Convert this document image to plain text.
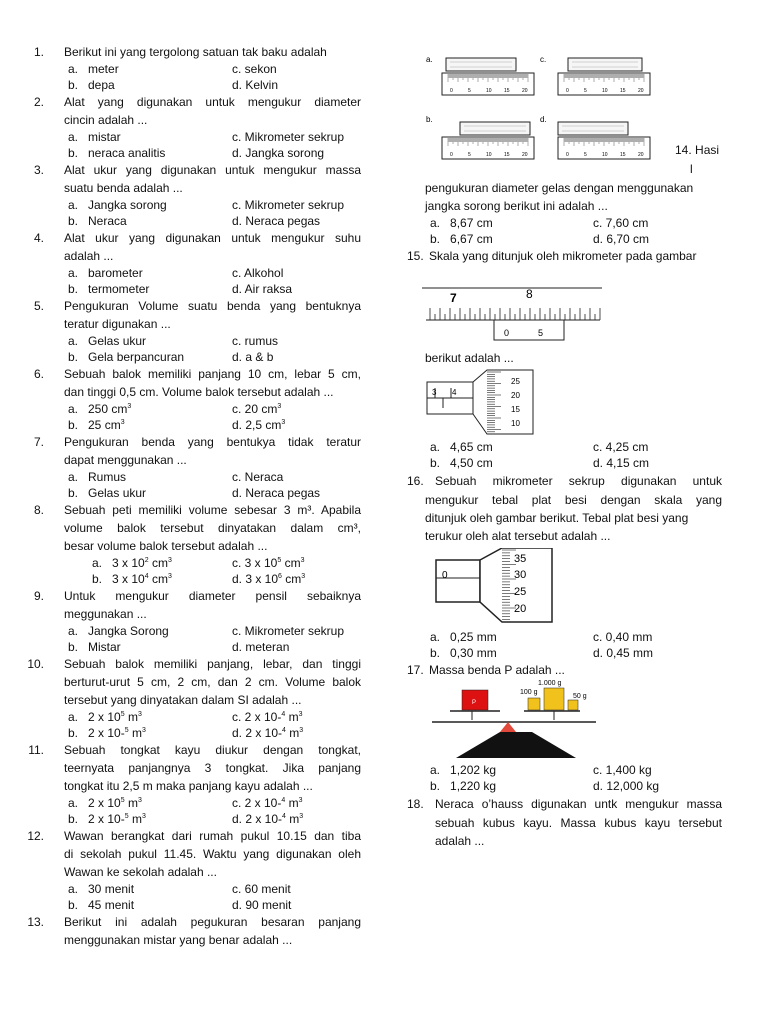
1. Berikut ini yang tergolong satuan tak baku adalah
a.   meter	c. sekon
b.   depa	d. Kelvin
2. Alat yang digunakan untuk mengukur diameter
cincin adalah ...
a.   mistar	c. Mikrometer sekrup
b.   neraca analitis	d. Jangka sorong
3. Alat ukur yang digunakan untuk mengukur massa
suatu benda adalah ...
a.   Jangka sorong	c. Mikrometer sekrup
b.   Neraca	d. Neraca pegas
4. Alat ukur yang digunakan untuk mengukur suhu
adalah ...
a.   barometer	c. Alkohol
b.   termometer	d. Air raksa
5. Pengukuran Volume suatu benda yang bentuknya
teratur digunakan ...
a.   Gelas ukur	c. rumus
b.   Gela berpancuran	d. a & b
6. Sebuah balok memiliki panjang 10 cm, lebar 5 cm,
dan tinggi 0,5 cm. Volume balok tersebut adalah ...
a.   250 $cm^3$	c. 20 $cm^3$
b.   25 $cm^3$	d. 2,5 $cm^3$
7. Pengukuran benda yang bentukya tidak teratur
dapat menggunakan ...
a.   Rumus	c. Neraca
b.   Gelas ukur	d. Neraca pegas
8. Sebuah peti memiliki volume sebesar 3 m³. Apabila
volume balok tersebut dinyatakan dalam cm³,
besar volume balok tersebut adalah ...
a.   3 x $10^2$ $cm^3$	c. 3 x $10^5$ $cm^3$
b.   3 x $10^4$ $cm^3$	d. 3 x $10^6$ $cm^3$
9. Untuk mengukur diameter pensil sebaiknya
meggunakan ...
a.   Jangka Sorong	c. Mikrometer sekrup
b.   Mistar	d. meteran
10. Sebuah balok memiliki panjang, lebar, dan tinggi
berturut-urut 5 cm, 2 cm, dan 2 cm. Volume balok
tersebut yang dinyatakan dalam SI adalah ...
a.   2 x $10^5$ $m^3$	c. 2 x 10-$^4$ $m^3$
b.   2 x 10-$^5$ $m^3$	d. 2 x 10-$^4$ $m^3$
11. Sebuah tongkat kayu diukur dengan tongkat,
teernyata panjangnya 3 tongkat. Jika panjang
tongkat itu 2,5 m maka panjang kayu adalah ...
a.   2 x $10^5$ $m^3$	c. 2 x 10-$^4$ $m^3$
b.   2 x 10-$^5$ $m^3$	d. 2 x 10-$^4$ $m^3$
12. Wawan berangkat dari rumah pukul 10.15 dan tiba
di sekolah pukul 11.45. Waktu yang digunakan oleh
Wawan ke sekolah adalah ...
a.   30 menit	c. 60 menit
b.   45 menit	d. 90 menit
13. Berikut ini adalah pegukuran besaran panjang
menggunakan mistar yang benar adalah ...
a.	c.
b.	d.
0	5	10 15 20	0	5	10 15 20
0	5	10 15 20	0	5	10 15 20	14. Hasi
l
pengukuran diameter gelas dengan menggunakan
jangka sorong berikut ini adalah ...
a. 8,67 cm	c. 7,60 cm
b. 6,67 cm	d. 6,70 cm
15. Skala yang ditunjuk oleh mikrometer pada gambar
7	8
0	5
berikut adalah ...
3 4
25
20
15
10
a. 4,65 cm	c. 4,25 cm
b. 4,50 cm	d. 4,15 cm
16. Sebuah mikrometer sekrup digunakan untuk
mengukur tebal plat besi dengan skala yang
ditunjuk oleh gambar berikut. Tebal plat besi yang
terukur oleh alat tersebut adalah ...
0
35
30
25
20
a. 0,25 mm	c. 0,40 mm
b. 0,30 mm	d. 0,45 mm
17. Massa benda P adalah ...
1.000 g
100 g
50 g
P
a. 1,202 kg	c. 1,400 kg
b. 1,220 kg	d. 12,000 kg
18. Neraca o’hauss digunakan untk mengukur massa
sebuah kubus kayu. Massa kubus kayu tersebut
adalah ...
